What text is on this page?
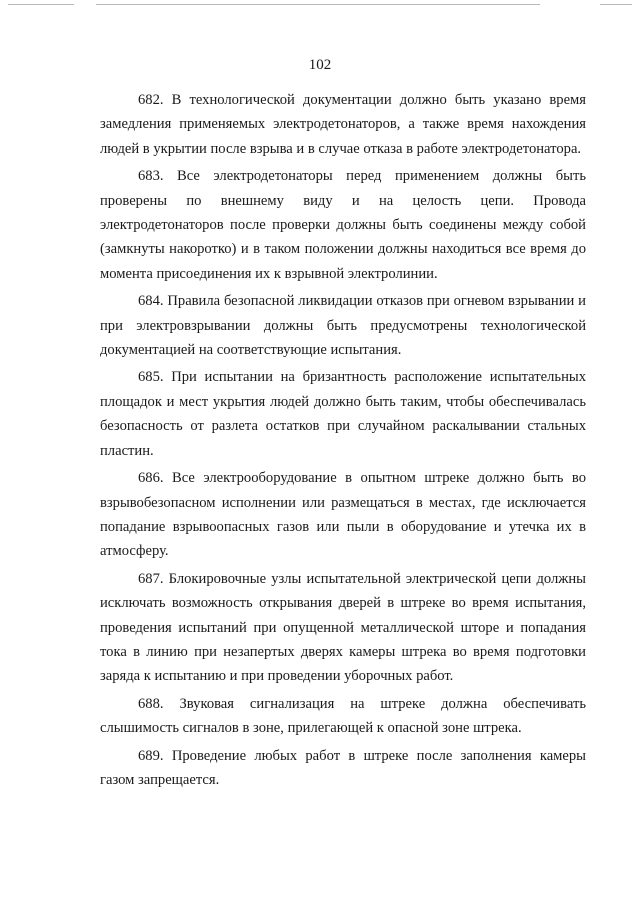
102

682. В технологической документации должно быть указано время замедления применяемых электродетонаторов, а также время нахождения людей в укрытии после взрыва и в случае отказа в работе электродетонатора.

683. Все электродетонаторы перед применением должны быть проверены по внешнему виду и на целость цепи. Провода электродетонаторов после проверки должны быть соединены между собой (замкнуты накоротко) и в таком положении должны находиться все время до момента присоединения их к взрывной электролинии.

684. Правила безопасной ликвидации отказов при огневом взрывании и при электровзрывании должны быть предусмотрены технологической документацией на соответствующие испытания.

685. При испытании на бризантность расположение испытательных площадок и мест укрытия людей должно быть таким, чтобы обеспечивалась безопасность от разлета остатков при случайном раскалывании стальных пластин.

686. Все электрооборудование в опытном штреке должно быть во взрывобезопасном исполнении или размещаться в местах, где исключается попадание взрывоопасных газов или пыли в оборудование и утечка их в атмосферу.

687. Блокировочные узлы испытательной электрической цепи должны исключать возможность открывания дверей в штреке во время испытания, проведения испытаний при опущенной металлической шторе и попадания тока в линию при незапертых дверях камеры штрека во время подготовки заряда к испытанию и при проведении уборочных работ.

688. Звуковая сигнализация на штреке должна обеспечивать слышимость сигналов в зоне, прилегающей к опасной зоне штрека.

689. Проведение любых работ в штреке после заполнения камеры газом запрещается.
